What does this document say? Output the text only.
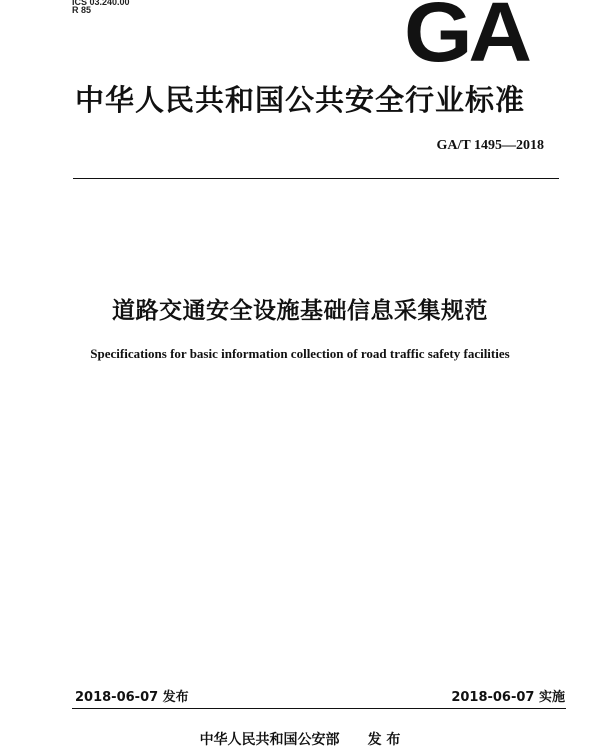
ICS 03.240.00
R 85	GA
中华人民共和国公共安全行业标准
GA/T 1495—2018
道路交通安全设施基础信息采集规范
Specifications for basic information collection of road traffic safety facilities
2018-06-07 发布	2018-06-07 实施
中华人民共和国公安部 发 布
